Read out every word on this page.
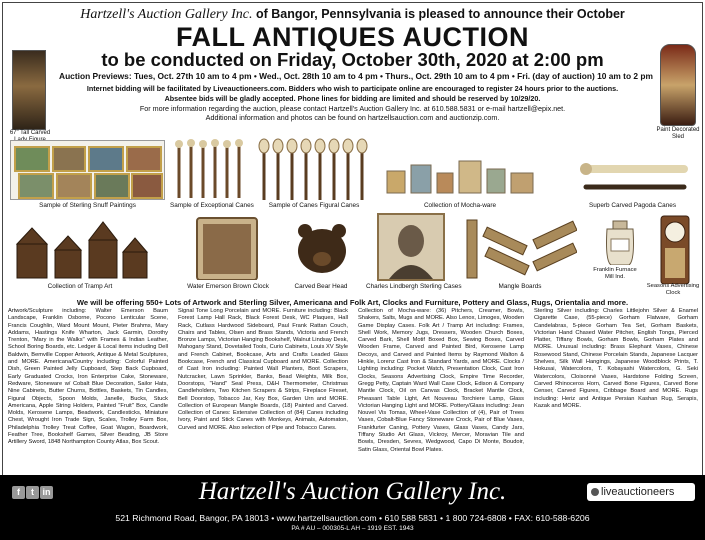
Hartzell's Auction Gallery Inc. of Bangor, Pennsylvania is pleased to announce their October
FALL ANTIQUES AUCTION
to be conducted on Friday, October 30th, 2020 at 2:00 pm
Auction Previews: Tues, Oct. 27th 10 am to 4 pm • Wed., Oct. 28th 10 am to 4 pm • Thurs., Oct. 29th 10 am to 4 pm • Fri. (day of auction) 10 am to 2 pm
Internet bidding will be facilitated by Liveauctioneers.com. Bidders who wish to participate online are encouraged to register 24 hours prior to the auctions.
Absentee bids will be gladly accepted. Phone lines for bidding are limited and should be reserved by 10/29/20.
For more information regarding the auction, please contact Hartzell's Auction Gallery Inc. at 610.588.5831 or e-mail hartzell@epix.net.
Additional information and photos can be found on hartzellsauction.com and auctionzip.com.
67" Tall Carved	Paint Decorated Sled
Sample of Sterling Snuff Paintings	Sample of Exceptional Canes	Sample of Canes Figural Canes	Collection of Mocha-ware	Superb Carved Pagoda Canes
Collection of Tramp Art	Water Emerson Brown Clock	Carved Bear Head	Charles Lindbergh Sterling Cases	Mangle Boards
Franklin Furnace Mill Ind.
Seasons Advertising Clock
We will be offering 550+ Lots of Artwork and Sterling Silver, Americana and Folk Art, Clocks and Furniture, Pottery and Glass, Rugs, Orientalia and more.
Artwork/Sculpture including: Walter Emerson Baum Landscape, Franklin Osborne, Pocono Lenticular Scene, Francis Coughlin, Ward Mount Mount, Pieter Brahms, Mary Addams, Hastings Knife Wharton, Jack Garmin, Dorothy Trenton, "Mary in the Walks" with Frames & Indian Leather, School Boring Boards, etc. Ledger & Local items including Dell Baldwin, Bemville Copper Artwork, Antique & Metal Sculptures, and MORE. Americana/Country including: Colorful Painted Dish, Green Painted Jelly Cupboard, Step Back Cupboard, Early Graduated Crocks, Iron Enterprise Cake, Stoneware, Redware, Stoneware w/ Cobalt Blue Decoration, Sailor Hats, Nine Cabinets, Butter Churns, Bottles, Baskets, Tin Candles, Figural Objects, Spoon Molds, Janelle, Bucks, Stuck Americana, Apple String Holders, Painted "Fruit" Box, Candle Molds, Kerosene Lamps, Beadwork, Candlesticks, Miniature Chest, Wrought Iron Trade Sign, Scales, Trolley Farm Box, Philadelphia Trolley Treat Coffee, Goat Wagon, Boardwork, Feather Tree, Bookshelf Games, Silver Beading, JB Store Artillery Sword, 1848 Northampton County Atlas, Box Scout.
Signal Tone Long Porcelain and MORE. Furniture including: Black Forest Lamp Hall Rack, Black Forest Desk, WC Plaques, Hall Rack, Cutlass Hardwood Sideboard, Paul Frank Rattan Couch, Chairs and Tables, Olsen and Brass Stands, Victoria and French Bronze Lamps, Victorian Hanging Bookshelf, Walnut Lindsay Desk, Mahogany Stand, Dovetailed Tools, Curio Cabinets, Louis XV Style and French Cabinet, Bookcase, Arts and Crafts Leaded Glass Bookcase, French and Classical Cupboard and MORE. Collection of Cast Iron including: Painted Wall Planters, Boot Scrapers, Nutcracker, Lawn Sprinkler, Banks, Bead Weights, Milk Box, Doorstops, "Hand" Seal Press, D&H Thermometer, Christmas Candleholders, Two Kitchen Scrapers & Strips, Fireplace Fireset, Bell Doorstop, Tobacco Jar, Key Box, Garden Urn and MORE. Collection of European Mangle Boards, (18) Painted and Carved. Collection of Canes: Extensive Collection of (84) Canes including Ivory, Paint and Stick Canes with Monkeys, Animals, Automaton, Curved and MORE. Also selection of Pipe and Tobacco Canes.
Collection of Mocha-ware: (36) Pitchers, Creamer, Bowls, Shakers, Salts, Mugs and MORE. Also Lenox, Limoges, Wooden Game Display Cases. Folk Art / Tramp Art including: Frames, Shell Work, Memory Jugs, Dressers, Wooden Church Boxes, Carved Bark, Shell Motif Boxed Box, Sewing Boxes, Carved Wooden Frame, Carved and Painted Bird, Kerosene Lamp Decoys, and Carved and Painted Items by Raymond Walton & Hinkle, Lorenz Cast Iron & Standard Yards, and MORE. Clocks / Lighting including: Pocket Watch, Presentation Clock, Cast Iron Clocks, Seasons Advertising Clock, Empire Time Recorder, Gregg Petty, Captain Ward Wall Case Clock, Edison & Company Mantle Clock, Oil on Canvas Clock, Bracket Mantle Clock, Pheasant Table Light, Art Nouveau Torchiere Lamp, Glass Victorian Hanging Light and MORE. Pottery/Glass including: Jean Nouvel Vis Tomas, Wheel-Vase Collection of (4), Pair of Trees Vases, Cobalt-Blue Fancy Stoneware Crock, Pair of Blue Vases, Frankfurter Caning, Pottery Vases, Glass Vases, Candy Jars, Tiffany Studio Art Glass, Vickroy, Mercer, Moravian Tile and Bowls, Dresden, Sevres, Wedgwood, Capo Di Monte, Boudoir, Satin Glass, Oriental Bowl Plates.
Sterling Silver including: Charles Littlejohn Silver & Enamel Cigarette Case, (55-piece) Gorham Flatware, Gorham Candelabras, 5-piece Gorham Tea Set, Gorham Baskets, Victorian Hand Chased Water Pitcher, English Tongs, Pierced Platter, Tiffany Bowls, Gorham Bowls, Gorham Plates and MORE. Unusual including: Brass Elephant Vases, Chinese Rosewood Stand, Chinese Porcelain Stands, Japanese Lacquer Shelves, Silk Wall Hangings, Japanese Woodblock Prints, T. Hokusai, Watercolors, T. Kobayashi Watercolors, G. Seki Watercolors, Cloisonné Vases, Hardstone Folding Screen, Carved Rhinoceros Horn, Carved Bone Figures, Carved Bone Censer, Carved Figures, Cribbage Board and MORE. Rugs including: Heriz and Antique Persian Kashan Rug, Serapis, Kazak and MORE.
f t in	Hartzell's Auction Gallery Inc.	liveauctioneers
521 Richmond Road, Bangor, PA 18013 • www.hartzellsauction.com • 610 588 5831 • 1 800 724-6808 • FAX: 610-588-6206
PA # AU – 000305-L AH – 1919 EST. 1943
